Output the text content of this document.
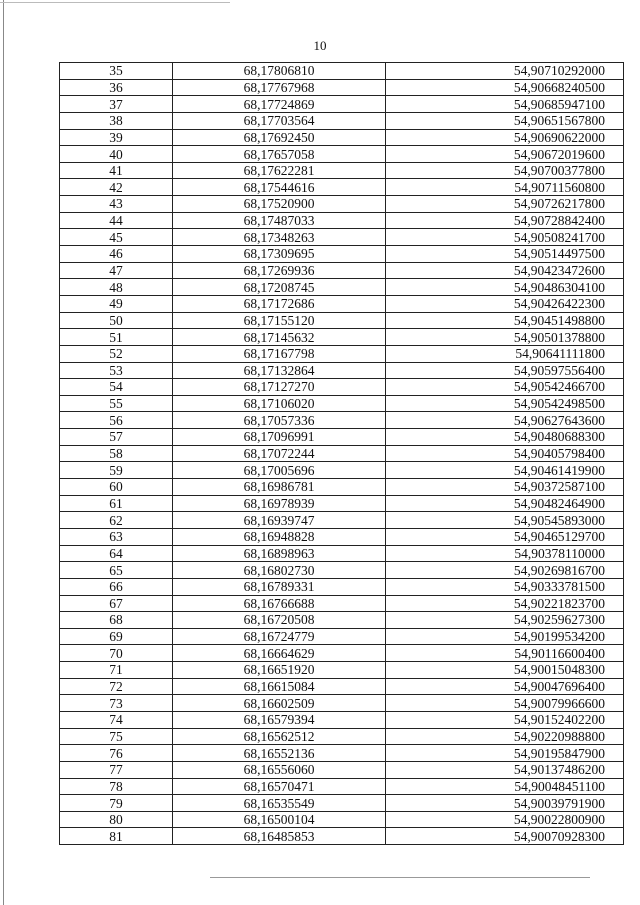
10
35	68,17806810	54,90710292000
36	68,17767968	54,90668240500
37	68,17724869	54,90685947100
38	68,17703564	54,90651567800
39	68,17692450	54,90690622000
40	68,17657058	54,90672019600
41	68,17622281	54,90700377800
42	68,17544616	54,90711560800
43	68,17520900	54,90726217800
44	68,17487033	54,90728842400
45	68,17348263	54,90508241700
46	68,17309695	54,90514497500
47	68,17269936	54,90423472600
48	68,17208745	54,90486304100
49	68,17172686	54,90426422300
50	68,17155120	54,90451498800
51	68,17145632	54,90501378800
52	68,17167798	54,90641111800
53	68,17132864	54,90597556400
54	68,17127270	54,90542466700
55	68,17106020	54,90542498500
56	68,17057336	54,90627643600
57	68,17096991	54,90480688300
58	68,17072244	54,90405798400
59	68,17005696	54,90461419900
60	68,16986781	54,90372587100
61	68,16978939	54,90482464900
62	68,16939747	54,90545893000
63	68,16948828	54,90465129700
64	68,16898963	54,90378110000
65	68,16802730	54,90269816700
66	68,16789331	54,90333781500
67	68,16766688	54,90221823700
68	68,16720508	54,90259627300
69	68,16724779	54,90199534200
70	68,16664629	54,90116600400
71	68,16651920	54,90015048300
72	68,16615084	54,90047696400
73	68,16602509	54,90079966600
74	68,16579394	54,90152402200
75	68,16562512	54,90220988800
76	68,16552136	54,90195847900
77	68,16556060	54,90137486200
78	68,16570471	54,90048451100
79	68,16535549	54,90039791900
80	68,16500104	54,90022800900
81	68,16485853	54,90070928300
